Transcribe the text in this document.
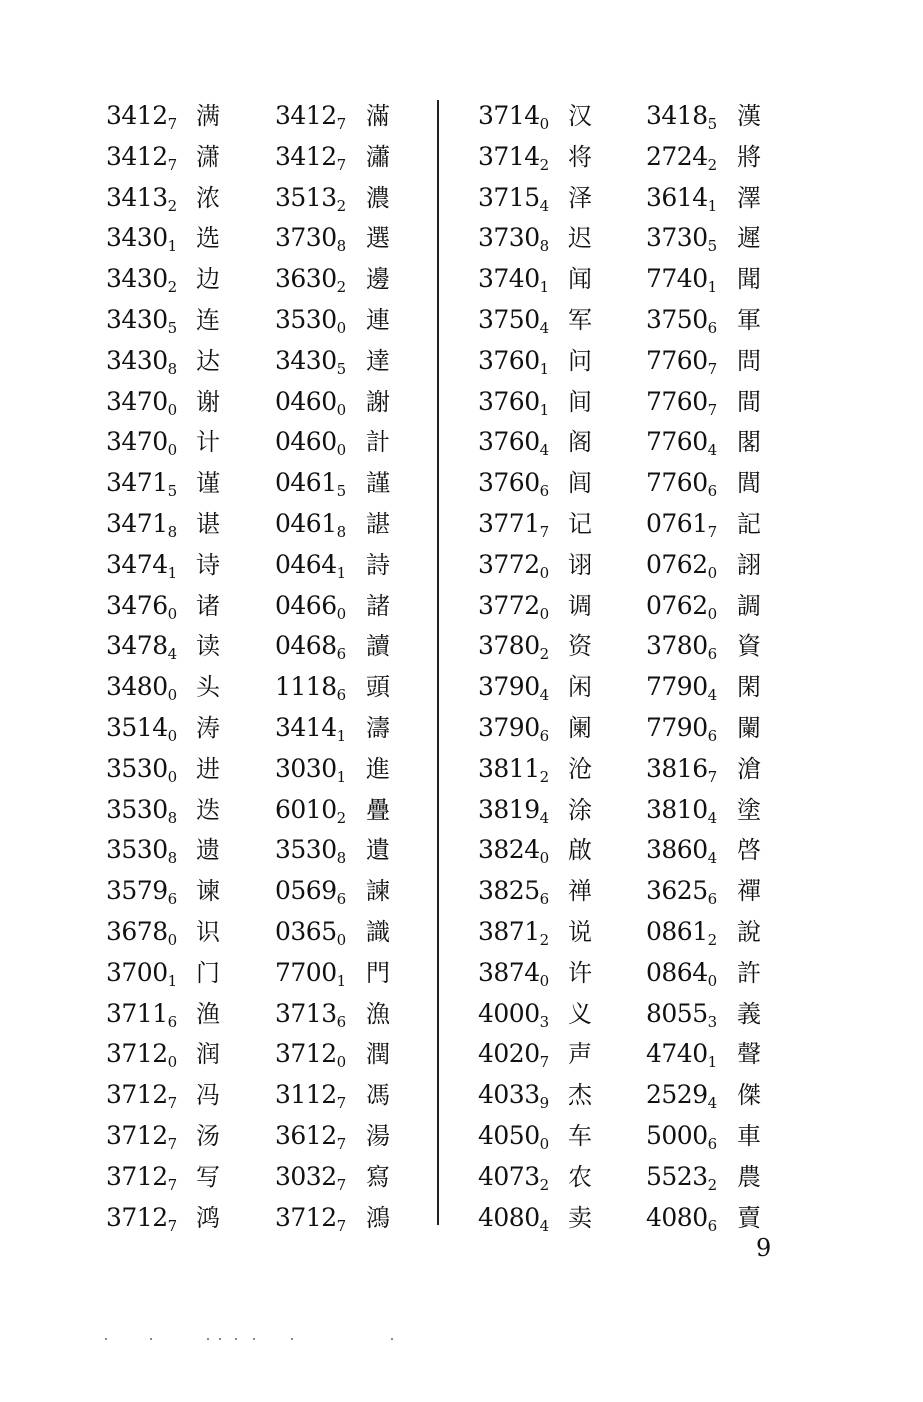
$3412_7$ 满 $3412_7$ 滿	$3714_0$ 汉 $3418_5$ 漢
$3412_7$ 潇 $3412_7$ 瀟	$3714_2$ 将 $2724_2$ 將
$3413_2$ 浓 $3513_2$ 濃	$3715_4$ 泽 $3614_1$ 澤
$3430_1$ 选 $3730_8$ 選	$3730_8$ 迟 $3730_5$ 遲
$3430_2$ 边 $3630_2$ 邊	$3740_1$ 闻 $7740_1$ 聞
$3430_5$ 连 $3530_0$ 連	$3750_4$ 军 $3750_6$ 軍
$3430_8$ 达 $3430_5$ 達	$3760_1$ 问 $7760_7$ 問
$3470_0$ 谢 $0460_0$ 謝	$3760_1$ 间 $7760_7$ 間
$3470_0$ 计 $0460_0$ 計	$3760_4$ 阁 $7760_4$ 閣
$3471_5$ 谨 $0461_5$ 謹	$3760_6$ 闾 $7760_6$ 閭
$3471_8$ 谌 $0461_8$ 諶	$3771_7$ 记 $0761_7$ 記
$3474_1$ 诗 $0464_1$ 詩	$3772_0$ 诩 $0762_0$ 詡
$3476_0$ 诸 $0466_0$ 諸	$3772_0$ 调 $0762_0$ 調
$3478_4$ 读 $0468_6$ 讀	$3780_2$ 资 $3780_6$ 資
$3480_0$ 头 $1118_6$ 頭	$3790_4$ 闲 $7790_4$ 閑
$3514_0$ 涛 $3414_1$ 濤	$3790_6$ 阑 $7790_6$ 闌
$3530_0$ 进 $3030_1$ 進	$3811_2$ 沧 $3816_7$ 滄
$3530_8$ 迭 $6010_2$ 疊	$3819_4$ 涂 $3810_4$ 塗
$3530_8$ 遗 $3530_8$ 遺	$3824_0$ 啟 $3860_4$ 啓
$3579_6$ 谏 $0569_6$ 諫	$3825_6$ 禅 $3625_6$ 禪
$3678_0$ 识 $0365_0$ 識	$3871_2$ 说 $0861_2$ 說
$3700_1$ 门 $7700_1$ 門	$3874_0$ 许 $0864_0$ 許
$3711_6$ 渔 $3713_6$ 漁	$4000_3$ 义 $8055_3$ 義
$3712_0$ 润 $3712_0$ 潤	$4020_7$ 声 $4740_1$ 聲
$3712_7$ 冯 $3112_7$ 馮	$4033_9$ 杰 $2529_4$ 傑
$3712_7$ 汤 $3612_7$ 湯	$4050_0$ 车 $5000_6$ 車
$3712_7$ 写 $3032_7$ 寫	$4073_2$ 农 $5523_2$ 農
$3712_7$ 鸿 $3712_7$ 鴻	$4080_4$ 卖 $4080_6$ 賣
9
